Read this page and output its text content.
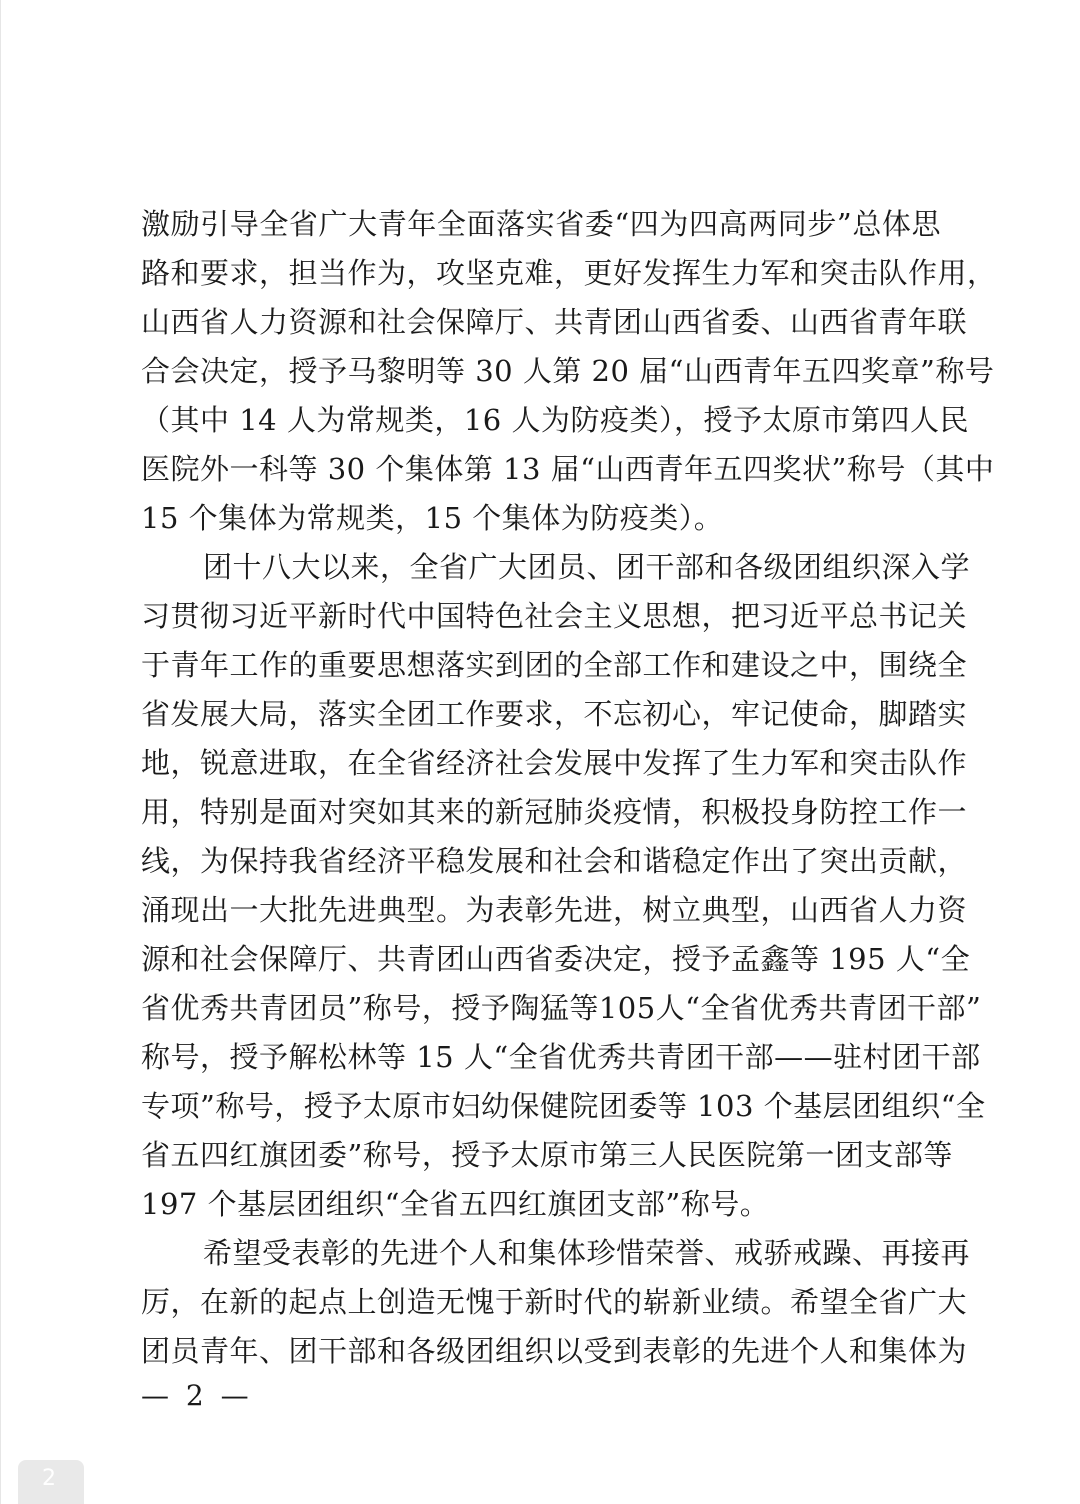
激励引导全省广大青年全面落实省委“四为四高两同步”总体思
路和要求，担当作为，攻坚克难，更好发挥生力军和突击队作用，
山西省人力资源和社会保障厅、共青团山西省委、山西省青年联
合会决定，授予马黎明等 30 人第 20 届“山西青年五四奖章”称号
（其中 14 人为常规类，16 人为防疫类），授予太原市第四人民
医院外一科等 30 个集体第 13 届“山西青年五四奖状”称号（其中
15 个集体为常规类，15 个集体为防疫类）。
团十八大以来，全省广大团员、团干部和各级团组织深入学
习贯彻习近平新时代中国特色社会主义思想，把习近平总书记关
于青年工作的重要思想落实到团的全部工作和建设之中，围绕全
省发展大局，落实全团工作要求，不忘初心，牢记使命，脚踏实
地，锐意进取，在全省经济社会发展中发挥了生力军和突击队作
用，特别是面对突如其来的新冠肺炎疫情，积极投身防控工作一
线，为保持我省经济平稳发展和社会和谐稳定作出了突出贡献，
涌现出一大批先进典型。为表彰先进，树立典型，山西省人力资
源和社会保障厅、共青团山西省委决定，授予孟鑫等 195 人“全
省优秀共青团员”称号，授予陶猛等105人“全省优秀共青团干部”
称号，授予解松林等 15 人“全省优秀共青团干部——驻村团干部
专项”称号，授予太原市妇幼保健院团委等 103 个基层团组织“全
省五四红旗团委”称号，授予太原市第三人民医院第一团支部等
197 个基层团组织“全省五四红旗团支部”称号。
希望受表彰的先进个人和集体珍惜荣誉、戒骄戒躁、再接再
厉，在新的起点上创造无愧于新时代的崭新业绩。希望全省广大
团员青年、团干部和各级团组织以受到表彰的先进个人和集体为
— 2 —
2
